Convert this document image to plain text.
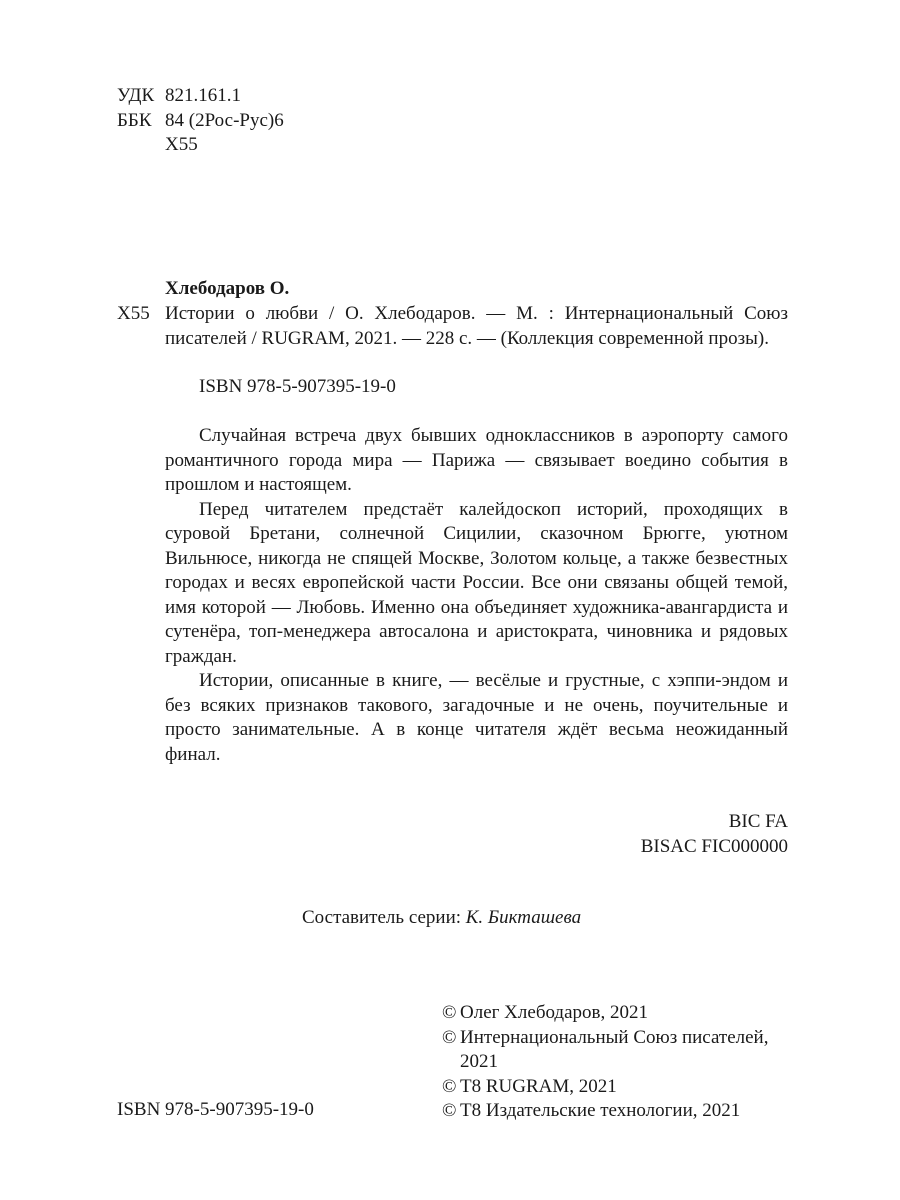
УДК 821.161.1
ББК 84 (2Рос-Рус)6
Х55
Хлебодаров О.
Х55 Истории о любви / О. Хлебодаров. — М. : Интернациональный Союз писателей / RUGRAM, 2021. — 228 с. — (Коллекция современной прозы).
ISBN 978-5-907395-19-0

Случайная встреча двух бывших одноклассников в аэропорту самого романтичного города мира — Парижа — связывает воедино события в прошлом и настоящем.

Перед читателем предстаёт калейдоскоп историй, проходящих в суровой Бретани, солнечной Сицилии, сказочном Брюгге, уютном Вильнюсе, никогда не спящей Москве, Золотом кольце, а также безвестных городах и весях европейской части России. Все они связаны общей темой, имя которой — Любовь. Именно она объединяет художника-авангардиста и сутенёра, топ-менеджера автосалона и аристократа, чиновника и рядовых граждан.

Истории, описанные в книге, — весёлые и грустные, с хэппи-эндом и без всяких признаков такового, загадочные и не очень, поучительные и просто занимательные. А в конце читателя ждёт весьма неожиданный финал.

BIC FA
BISAC FIC000000
Составитель серии: К. Бикташева
ISBN 978-5-907395-19-0
© Олег Хлебодаров, 2021
© Интернациональный Союз писателей, 2021
© Т8 RUGRAM, 2021
© Т8 Издательские технологии, 2021
